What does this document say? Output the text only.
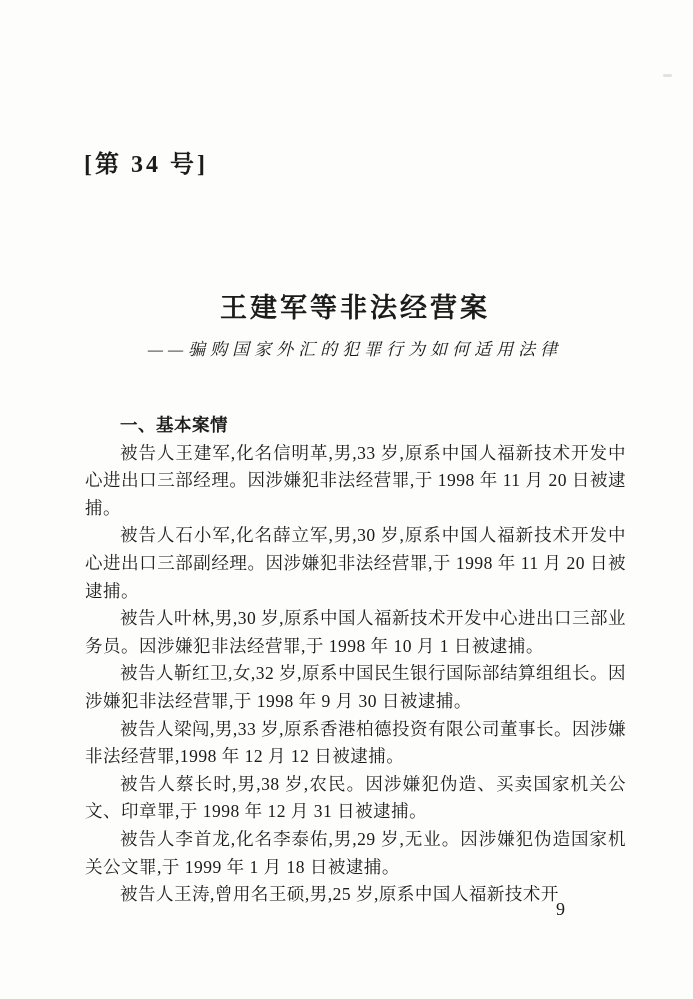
[第 34 号]
王建军等非法经营案

——骗购国家外汇的犯罪行为如何适用法律

一、基本案情

被告人王建军,化名信明革,男,33 岁,原系中国人福新技术开发中心进出口三部经理。因涉嫌犯非法经营罪,于 1998 年 11 月 20 日被逮捕。

被告人石小军,化名薛立军,男,30 岁,原系中国人福新技术开发中心进出口三部副经理。因涉嫌犯非法经营罪,于 1998 年 11 月 20 日被逮捕。

被告人叶林,男,30 岁,原系中国人福新技术开发中心进出口三部业务员。因涉嫌犯非法经营罪,于 1998 年 10 月 1 日被逮捕。

被告人靳红卫,女,32 岁,原系中国民生银行国际部结算组组长。因涉嫌犯非法经营罪,于 1998 年 9 月 30 日被逮捕。

被告人梁闯,男,33 岁,原系香港柏德投资有限公司董事长。因涉嫌非法经营罪,1998 年 12 月 12 日被逮捕。

被告人蔡长时,男,38 岁,农民。因涉嫌犯伪造、买卖国家机关公文、印章罪,于 1998 年 12 月 31 日被逮捕。

被告人李首龙,化名李泰佑,男,29 岁,无业。因涉嫌犯伪造国家机关公文罪,于 1999 年 1 月 18 日被逮捕。

被告人王涛,曾用名王硕,男,25 岁,原系中国人福新技术开

9
